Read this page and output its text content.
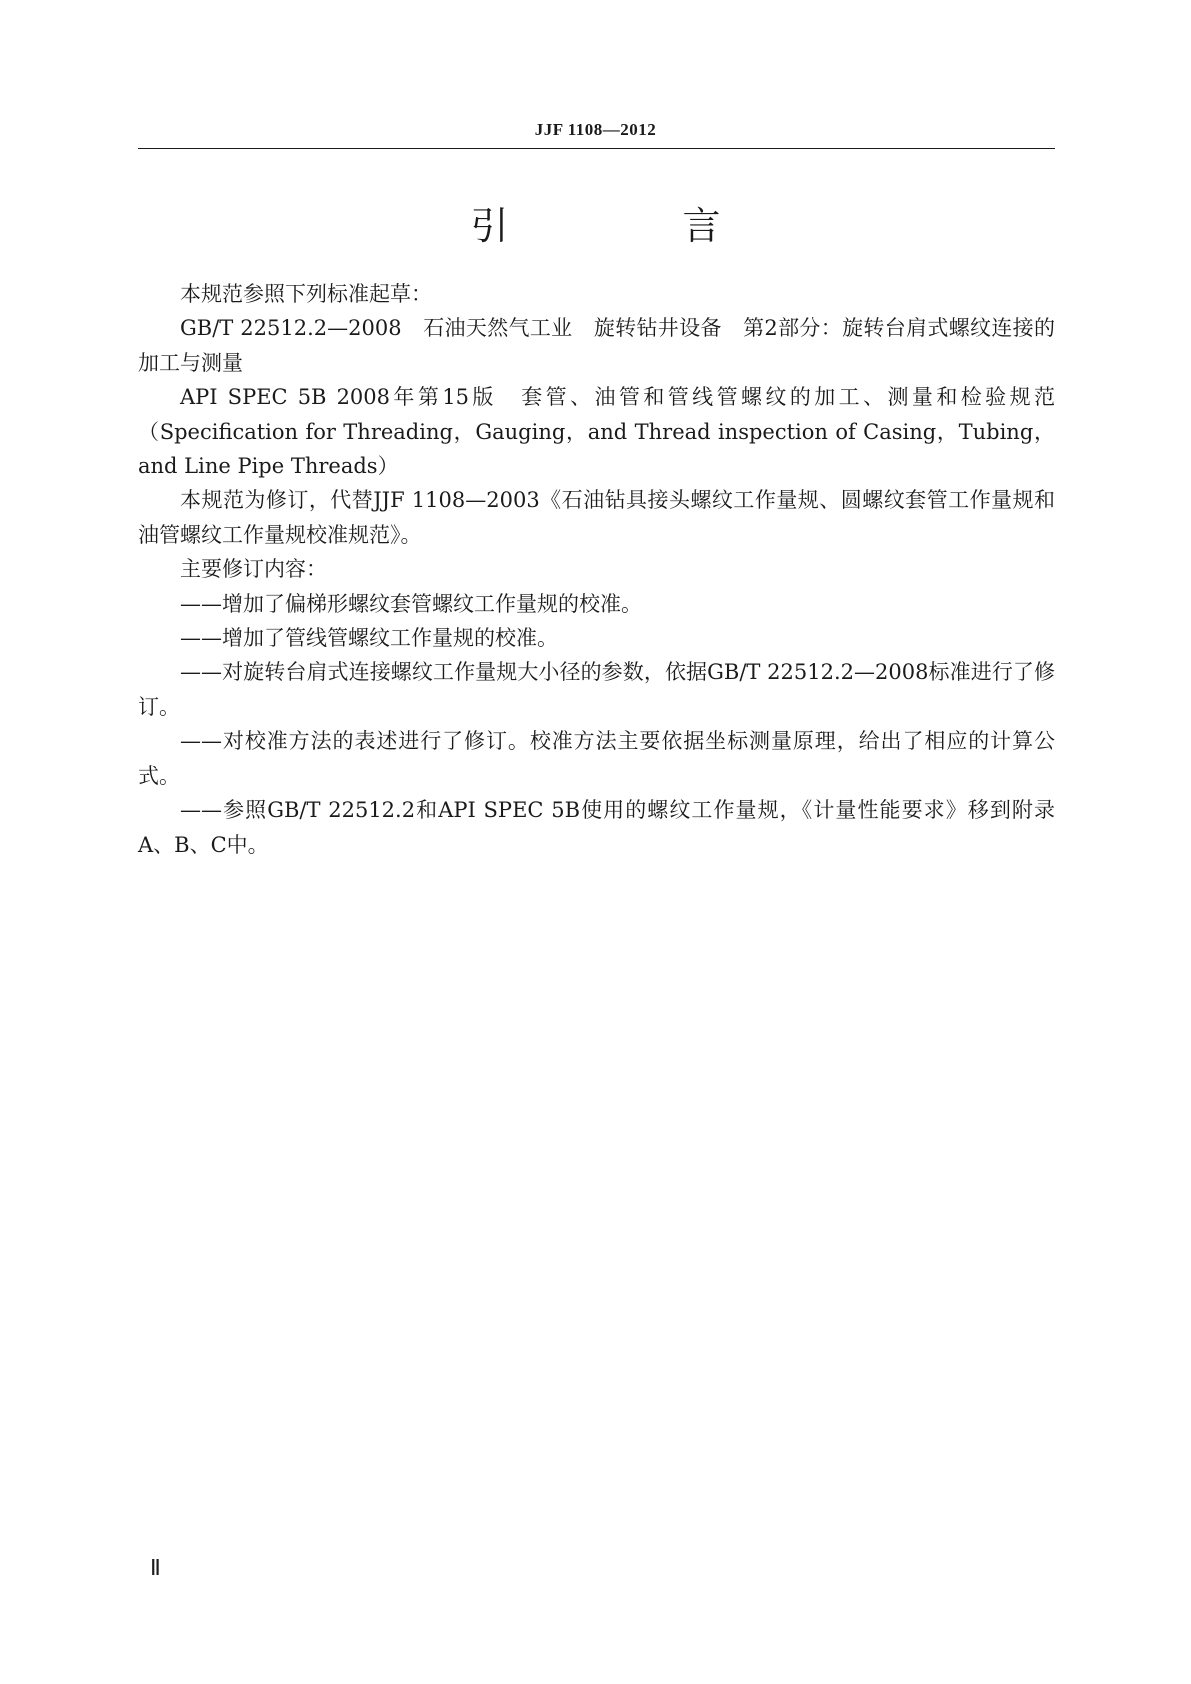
JJF 1108—2012
引　言

本规范参照下列标准起草：

GB/T 22512.2—2008　石油天然气工业　旋转钻井设备　第2部分：旋转台肩式螺纹连接的加工与测量

API SPEC 5B 2008年第15版　套管、油管和管线管螺纹的加工、测量和检验规范（Specification for Threading，Gauging，and Thread inspection of Casing，Tubing，and Line Pipe Threads）

本规范为修订，代替JJF 1108—2003《石油钻具接头螺纹工作量规、圆螺纹套管工作量规和油管螺纹工作量规校准规范》。

主要修订内容：

——增加了偏梯形螺纹套管螺纹工作量规的校准。

——增加了管线管螺纹工作量规的校准。

——对旋转台肩式连接螺纹工作量规大小径的参数，依据GB/T 22512.2—2008标准进行了修订。

——对校准方法的表述进行了修订。校准方法主要依据坐标测量原理，给出了相应的计算公式。

——参照GB/T 22512.2和API SPEC 5B使用的螺纹工作量规，《计量性能要求》移到附录A、B、C中。

Ⅱ
